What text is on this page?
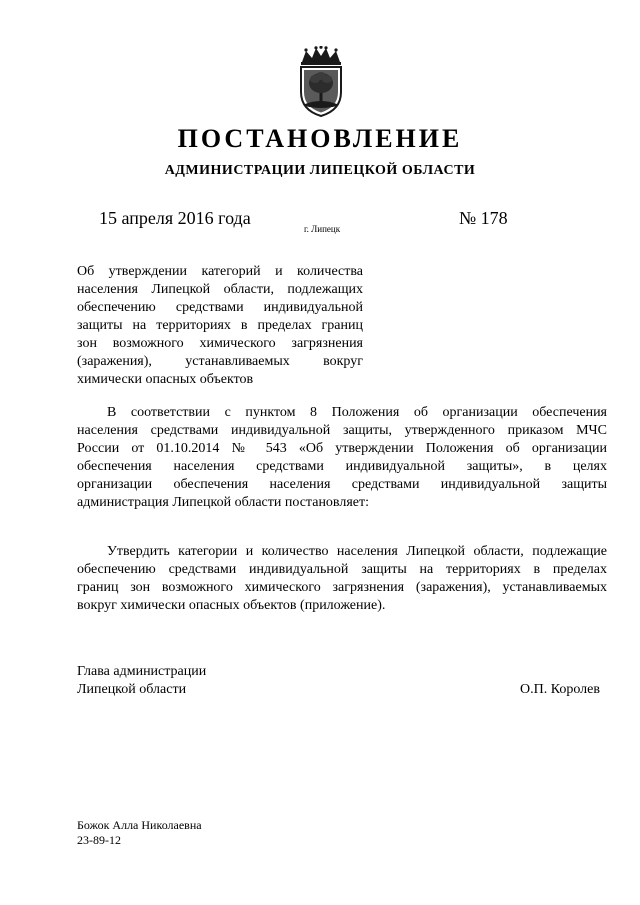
ПОСТАНОВЛЕНИЕ
АДМИНИСТРАЦИИ ЛИПЕЦКОЙ ОБЛАСТИ
15 апреля 2016 года
г. Липецк
№ 178
Об утверждении категорий и количества
населения Липецкой области, подлежащих
обеспечению средствами индивидуальной
защиты на территориях в пределах границ
зон возможного химического загрязнения
(заражения), устанавливаемых вокруг
химически опасных объектов
В соответствии с пунктом 8 Положения об организации обеспечения
населения средствами индивидуальной защиты, утвержденного приказом МЧС
России от 01.10.2014 № 543 «Об утверждении Положения об организации
обеспечения населения средствами индивидуальной защиты», в целях
организации обеспечения населения средствами индивидуальной защиты
администрация Липецкой области постановляет:
Утвердить категории и количество населения Липецкой области, подлежащие
обеспечению средствами индивидуальной защиты на территориях в пределах
границ зон возможного химического загрязнения (заражения), устанавливаемых
вокруг химически опасных объектов (приложение).
Глава администрации
Липецкой области	О.П. Королев
Божок Алла Николаевна
23-89-12
